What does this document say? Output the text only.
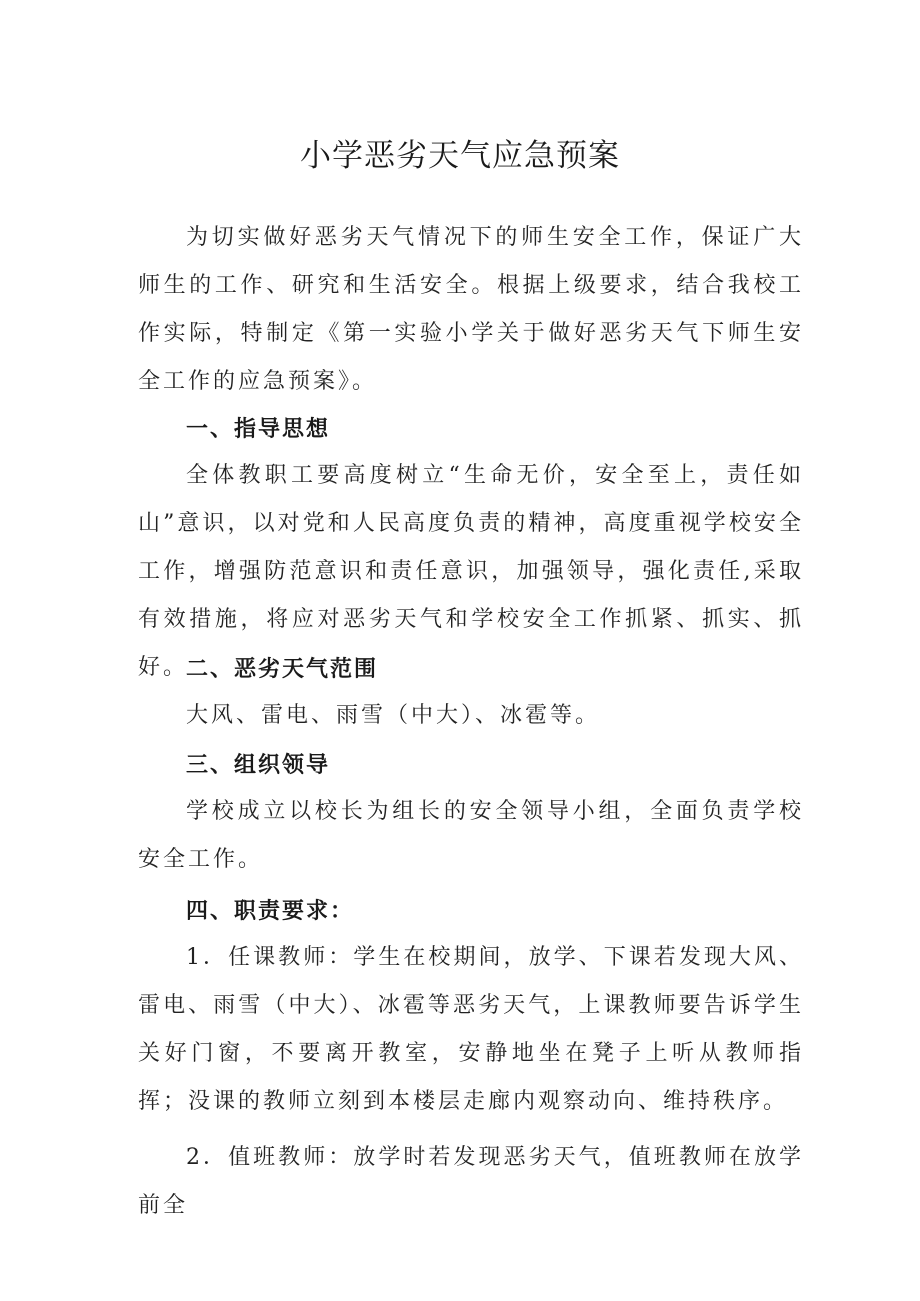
小学恶劣天气应急预案

为切实做好恶劣天气情况下的师生安全工作，保证广大师生的工作、研究和生活安全。根据上级要求，结合我校工作实际，特制定《第一实验小学关于做好恶劣天气下师生安全工作的应急预案》。

一、指导思想

全体教职工要高度树立“生命无价，安全至上，责任如山”意识，以对党和人民高度负责的精神，高度重视学校安全工作，增强防范意识和责任意识，加强领导，强化责任,采取有效措施，将应对恶劣天气和学校安全工作抓紧、抓实、抓好。

二、恶劣天气范围

大风、雷电、雨雪（中大）、冰雹等。

三、组织领导

学校成立以校长为组长的安全领导小组，全面负责学校安全工作。

四、职责要求：

1．任课教师：学生在校期间，放学、下课若发现大风、雷电、雨雪（中大）、冰雹等恶劣天气，上课教师要告诉学生关好门窗，不要离开教室，安静地坐在凳子上听从教师指挥；没课的教师立刻到本楼层走廊内观察动向、维持秩序。

2．值班教师：放学时若发现恶劣天气，值班教师在放学前全
